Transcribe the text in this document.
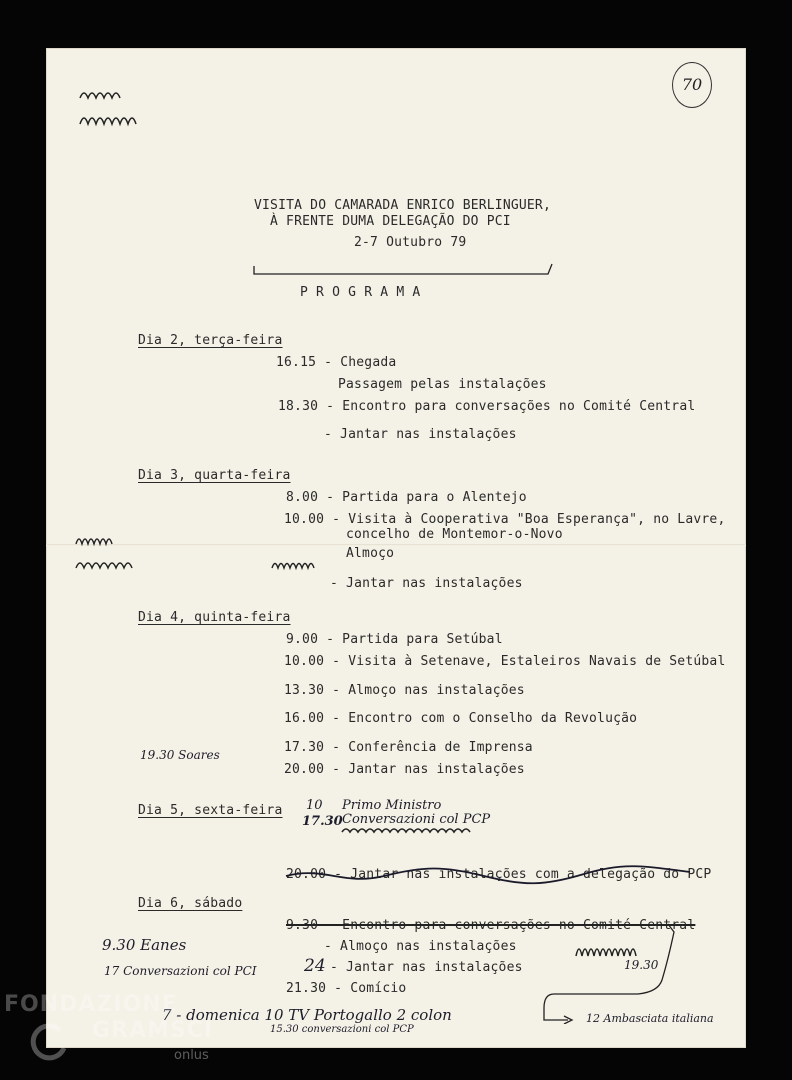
70
VISITA DO CAMARADA ENRICO BERLINGUER,
À FRENTE DUMA DELEGAÇÃO DO PCI
2-7 Outubro 79
P R O G R A M A
Dia 2, terça-feira
16.15 - Chegada
Passagem pelas instalações
18.30 - Encontro para conversações no Comité Central
- Jantar nas instalações
Dia 3, quarta-feira
8.00 - Partida para o Alentejo
10.00 - Visita à Cooperativa "Boa Esperança", no Lavre,
concelho de Montemor-o-Novo
Almoço
- Jantar nas instalações
Dia 4, quinta-feira
9.00 - Partida para Setúbal
10.00 - Visita à Setenave, Estaleiros Navais de Setúbal
13.30 - Almoço nas instalações
16.00 - Encontro com o Conselho da Revolução
17.30 - Conferência de Imprensa
20.00 - Jantar nas instalações
19.30 Soares
Dia 5, sexta-feira 10 Primo Ministro
17.30 Conversazioni col PCP
20.00 - Jantar nas instalações com a delegação do PCP
Dia 6, sábado
9.30 - Encontro para conversações no Comité Central
- Almoço nas instalações
24 - Jantar nas instalações
21.30 - Comício
9.30 Eanes
17 Conversazioni col PCI	19.30
7 - domenica 10 TV Portogallo 2 colon
15.30 conversazioni col PCP
12 Ambasciata italiana
FONDAZIONE
GRAMSCI
onlus
